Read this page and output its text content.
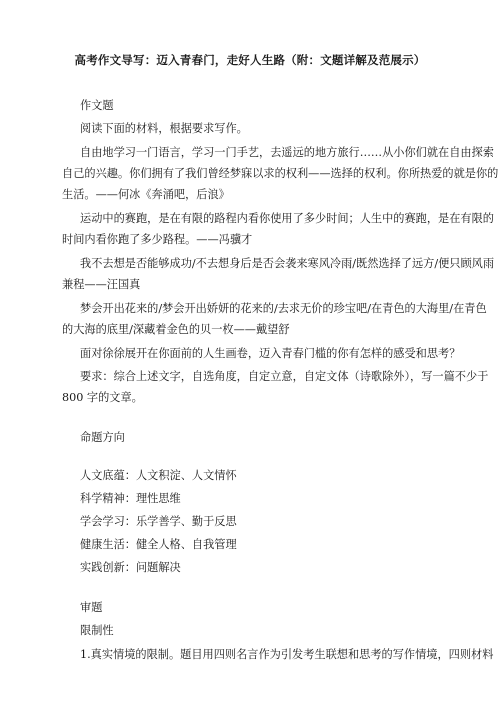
高考作文导写：迈入青春门，走好人生路（附：文题详解及范展示）
作文题
阅读下面的材料，根据要求写作。
自由地学习一门语言，学习一门手艺，去遥远的地方旅行……从小你们就在自由探索
自己的兴趣。你们拥有了我们曾经梦寐以求的权利——选择的权利。你所热爱的就是你的
生活。——何冰《奔涌吧，后浪》
运动中的赛跑，是在有限的路程内看你使用了多少时间；人生中的赛跑，是在有限的
时间内看你跑了多少路程。——冯骥才
我不去想是否能够成功/不去想身后是否会袭来寒风冷雨/既然选择了远方/便只顾风雨
兼程——汪国真
梦会开出花来的/梦会开出娇妍的花来的/去求无价的珍宝吧/在青色的大海里/在青色
的大海的底里/深藏着金色的贝一枚——戴望舒
面对徐徐展开在你面前的人生画卷，迈入青春门槛的你有怎样的感受和思考？
要求：综合上述文字，自选角度，自定立意，自定文体（诗歌除外），写一篇不少于
800 字的文章。
命题方向
人文底蕴：人文积淀、人文情怀
科学精神：理性思维
学会学习：乐学善学、勤于反思
健康生活：健全人格、自我管理
实践创新：问题解决
审题
限制性
1.真实情境的限制。题目用四则名言作为引发考生联想和思考的写作情境，四则材料
